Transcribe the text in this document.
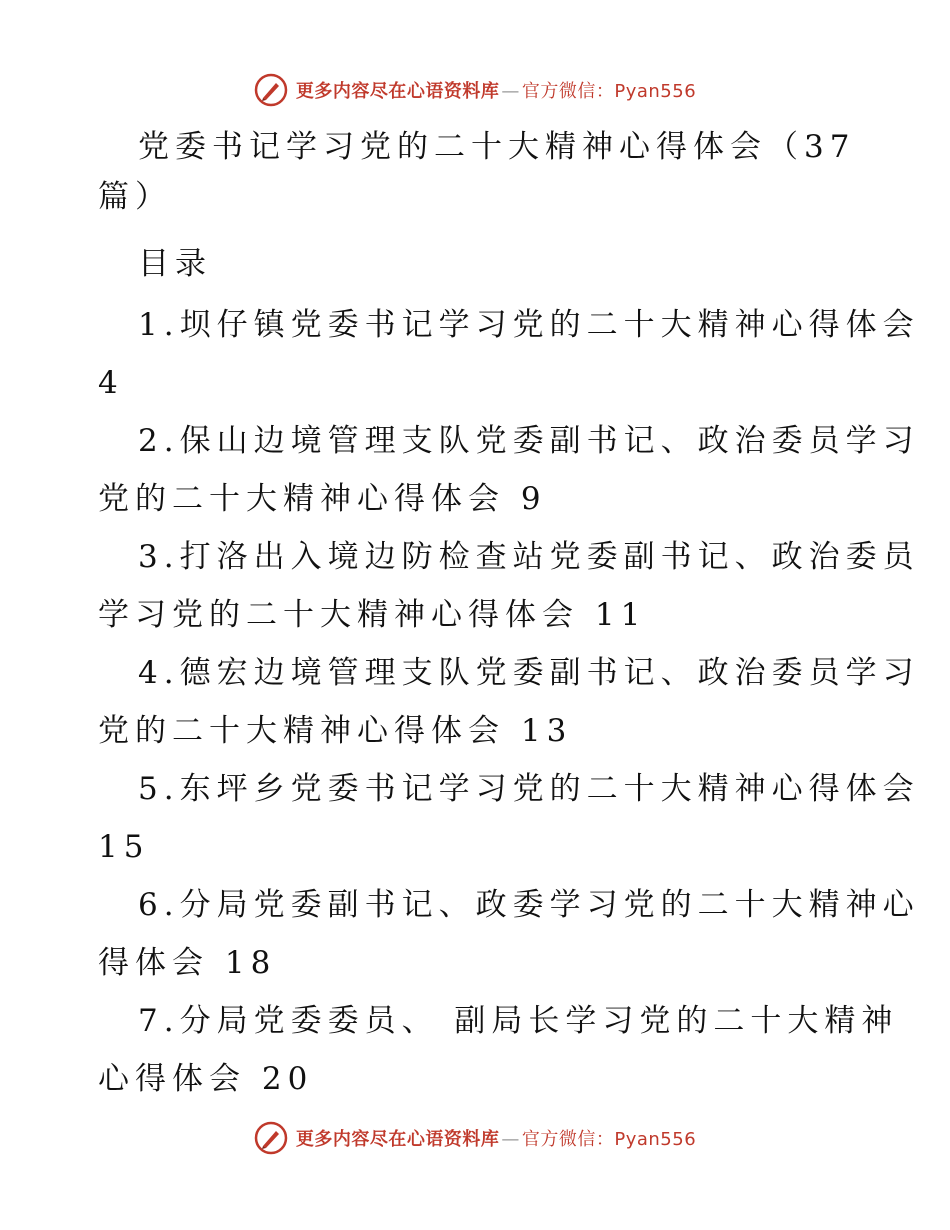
更多内容尽在心语资料库 — 官方微信：Pyan556
党委书记学习党的二十大精神心得体会（37
篇）
目录
1.坝仔镇党委书记学习党的二十大精神心得体会
4
2.保山边境管理支队党委副书记、政治委员学习
党的二十大精神心得体会 9
3.打洛出入境边防检查站党委副书记、政治委员
学习党的二十大精神心得体会 11
4.德宏边境管理支队党委副书记、政治委员学习
党的二十大精神心得体会 13
5.东坪乡党委书记学习党的二十大精神心得体会
15
6.分局党委副书记、政委学习党的二十大精神心
得体会 18
7.分局党委委员、 副局长学习党的二十大精神
心得体会 20
更多内容尽在心语资料库 — 官方微信：Pyan556
